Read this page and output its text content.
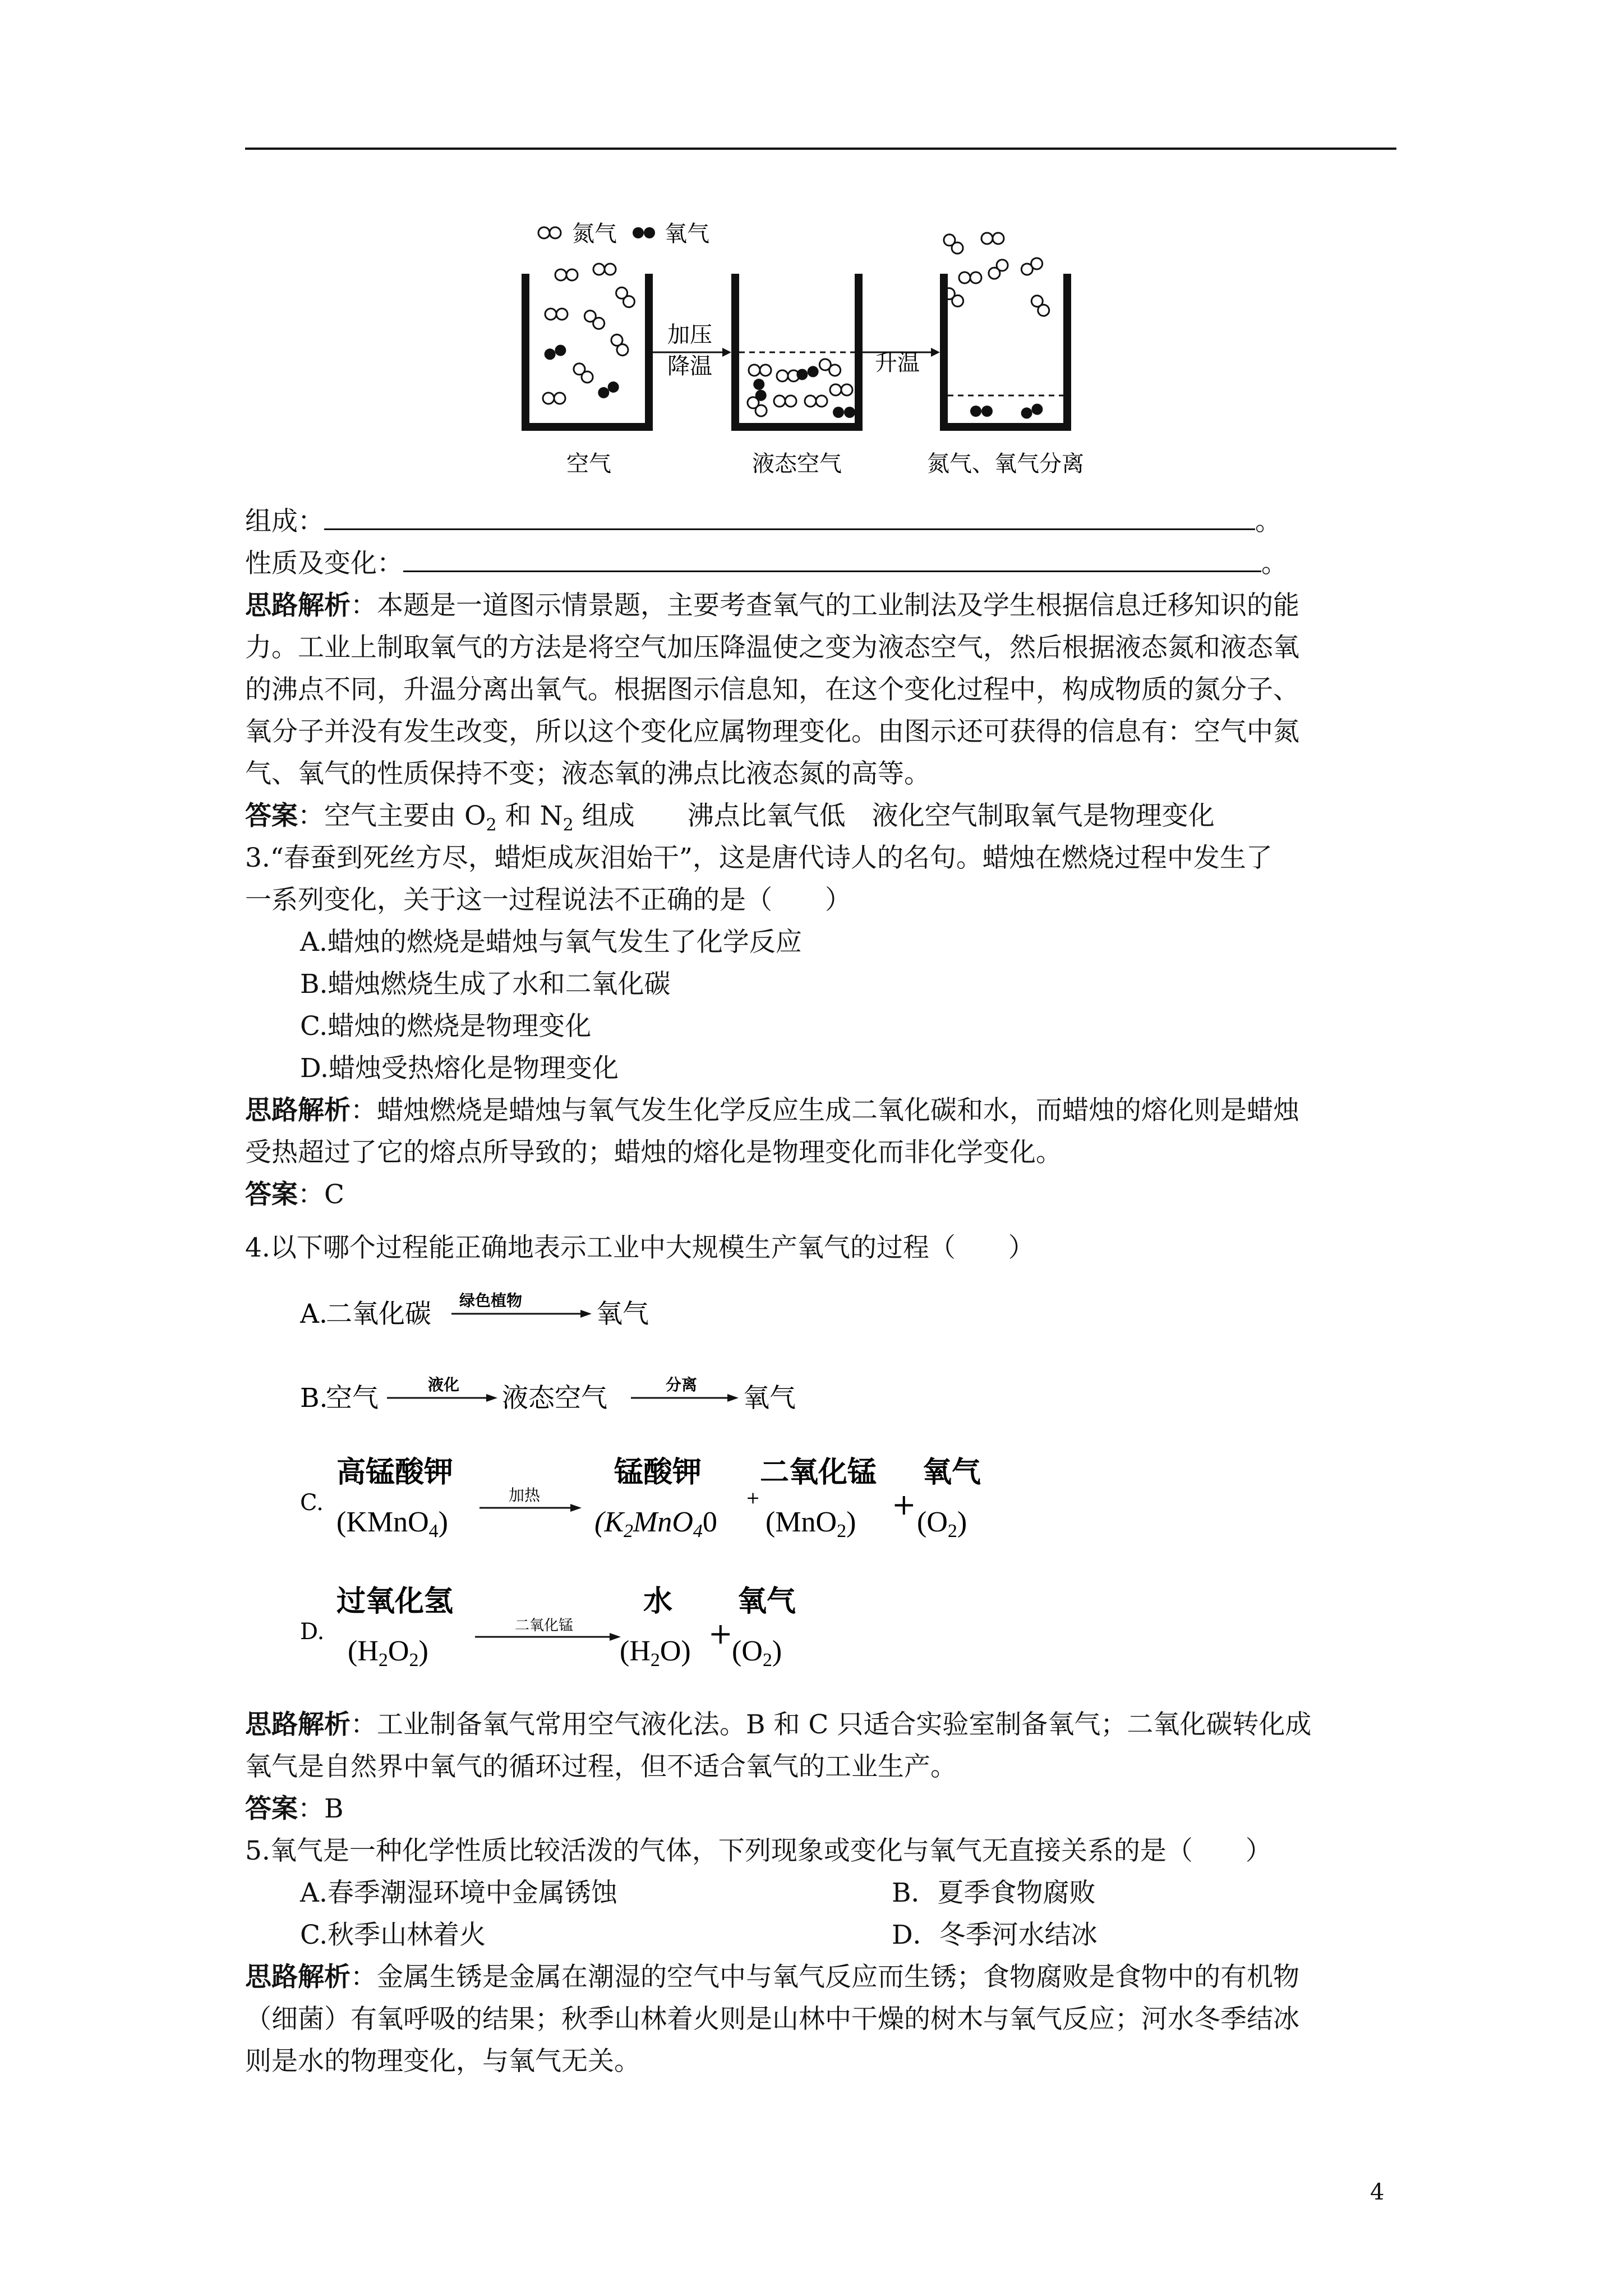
氮气 氧气
加压
降温	升温
空气	液态空气	氮气、氧气分离
组成：	。
性质及变化：	。
思路解析：本题是一道图示情景题，主要考查氧气的工业制法及学生根据信息迁移知识的能
力。工业上制取氧气的方法是将空气加压降温使之变为液态空气，然后根据液态氮和液态氧
的沸点不同，升温分离出氧气。根据图示信息知，在这个变化过程中，构成物质的氮分子、
氧分子并没有发生改变，所以这个变化应属物理变化。由图示还可获得的信息有：空气中氮
气、氧气的性质保持不变；液态氧的沸点比液态氮的高等。
答案：空气主要由 $O_2$ 和 $N_2$ 组成　　沸点比氧气低　液化空气制取氧气是物理变化
3.“春蚕到死丝方尽，蜡炬成灰泪始干”，这是唐代诗人的名句。蜡烛在燃烧过程中发生了
一系列变化，关于这一过程说法不正确的是（　　）
A.蜡烛的燃烧是蜡烛与氧气发生了化学反应
B.蜡烛燃烧生成了水和二氧化碳
C.蜡烛的燃烧是物理变化
D.蜡烛受热熔化是物理变化
思路解析：蜡烛燃烧是蜡烛与氧气发生化学反应生成二氧化碳和水，而蜡烛的熔化则是蜡烛
受热超过了它的熔点所导致的；蜡烛的熔化是物理变化而非化学变化。
答案：C
4.以下哪个过程能正确地表示工业中大规模生产氧气的过程（　　）
A.
二氧化碳 绿色植物	氧气
B.
空气	液化 液态空气	分离 氧气
C.
高锰酸钾
(KMnO4)
加热
锰酸钾
(K2MnO40
+
二氧化锰
(MnO2)
+
氧气
(O2)
D.
过氧化氢
(H2O2)
二氧化锰
水
(H2O)
+
氧气
(O2)
思路解析：工业制备氧气常用空气液化法。B 和 C 只适合实验室制备氧气；二氧化碳转化成
氧气是自然界中氧气的循环过程，但不适合氧气的工业生产。
答案：B
5.氧气是一种化学性质比较活泼的气体，下列现象或变化与氧气无直接关系的是（　　）
A.春季潮湿环境中金属锈蚀	B．夏季食物腐败
C.秋季山林着火	D．冬季河水结冰
思路解析：金属生锈是金属在潮湿的空气中与氧气反应而生锈；食物腐败是食物中的有机物
（细菌）有氧呼吸的结果；秋季山林着火则是山林中干燥的树木与氧气反应；河水冬季结冰
则是水的物理变化，与氧气无关。
4
